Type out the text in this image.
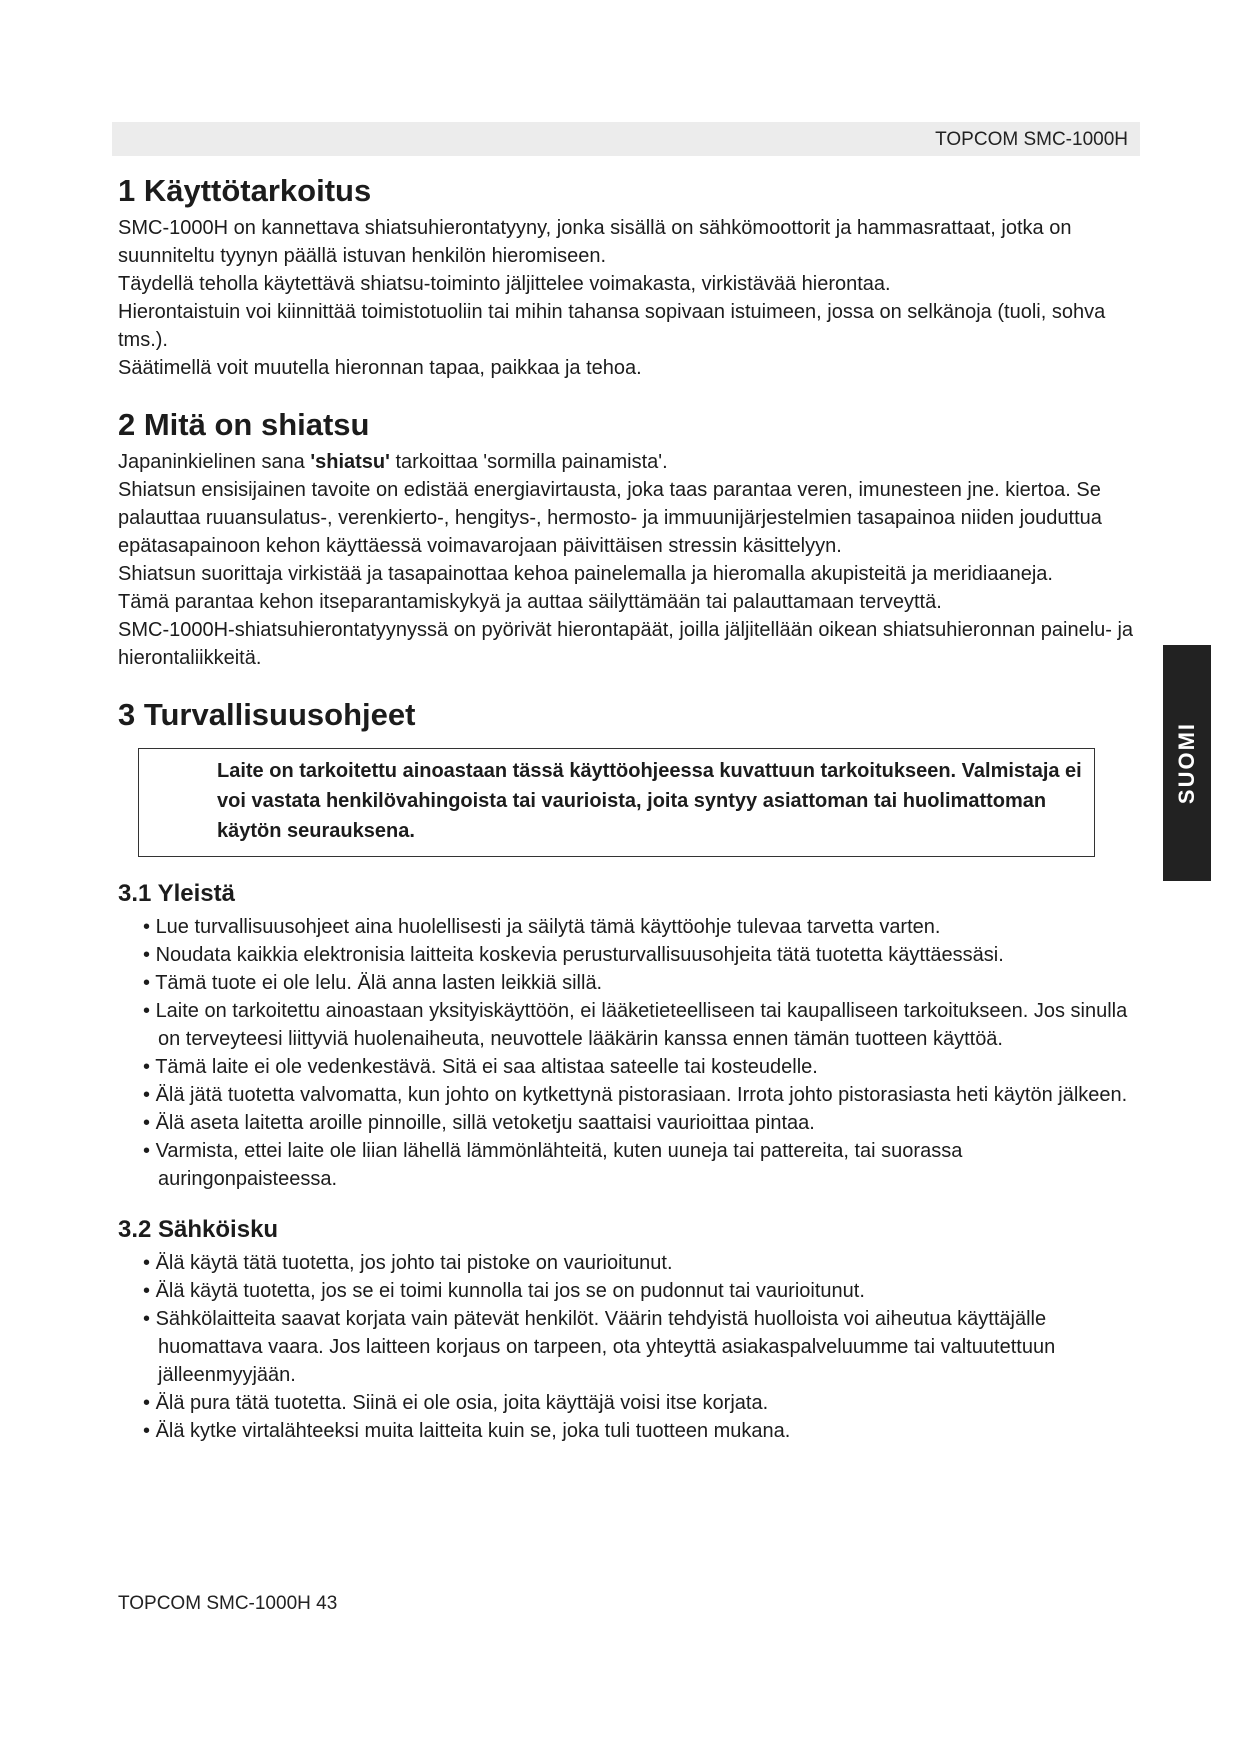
TOPCOM SMC-1000H
1 Käyttötarkoitus

SMC-1000H on kannettava shiatsuhierontatyyny, jonka sisällä on sähkömoottorit ja hammasrattaat, jotka on suunniteltu tyynyn päällä istuvan henkilön hieromiseen.

Täydellä teholla käytettävä shiatsu-toiminto jäljittelee voimakasta, virkistävää hierontaa.

Hierontaistuin voi kiinnittää toimistotuoliin tai mihin tahansa sopivaan istuimeen, jossa on selkänoja (tuoli, sohva tms.).

Säätimellä voit muutella hieronnan tapaa, paikkaa ja tehoa.

2 Mitä on shiatsu

Japaninkielinen sana 'shiatsu' tarkoittaa 'sormilla painamista'.

Shiatsun ensisijainen tavoite on edistää energiavirtausta, joka taas parantaa veren, imunesteen jne. kiertoa. Se palauttaa ruuansulatus-, verenkierto-, hengitys-, hermosto- ja immuunijärjestelmien tasapainoa niiden jouduttua epätasapainoon kehon käyttäessä voimavarojaan päivittäisen stressin käsittelyyn.

Shiatsun suorittaja virkistää ja tasapainottaa kehoa painelemalla ja hieromalla akupisteitä ja meridiaaneja.

Tämä parantaa kehon itseparantamiskykyä ja auttaa säilyttämään tai palauttamaan terveyttä.

SMC-1000H-shiatsuhierontatyynyssä on pyörivät hierontapäät, joilla jäljitellään oikean shiatsuhieronnan painelu- ja hierontaliikkeitä.

3 Turvallisuusohjeet

Laite on tarkoitettu ainoastaan tässä käyttöohjeessa kuvattuun tarkoitukseen. Valmistaja ei voi vastata henkilövahingoista tai vaurioista, joita syntyy asiattoman tai huolimattoman käytön seurauksena.

3.1 Yleistä
• Lue turvallisuusohjeet aina huolellisesti ja säilytä tämä käyttöohje tulevaa tarvetta varten.
• Noudata kaikkia elektronisia laitteita koskevia perusturvallisuusohjeita tätä tuotetta käyttäessäsi.
• Tämä tuote ei ole lelu. Älä anna lasten leikkiä sillä.
• Laite on tarkoitettu ainoastaan yksityiskäyttöön, ei lääketieteelliseen tai kaupalliseen tarkoitukseen. Jos sinulla on terveyteesi liittyviä huolenaiheuta, neuvottele lääkärin kanssa ennen tämän tuotteen käyttöä.
• Tämä laite ei ole vedenkestävä. Sitä ei saa altistaa sateelle tai kosteudelle.
• Älä jätä tuotetta valvomatta, kun johto on kytkettynä pistorasiaan. Irrota johto pistorasiasta heti käytön jälkeen.
• Älä aseta laitetta aroille pinnoille, sillä vetoketju saattaisi vaurioittaa pintaa.
• Varmista, ettei laite ole liian lähellä lämmönlähteitä, kuten uuneja tai pattereita, tai suorassa auringonpaisteessa.
3.2 Sähköisku
• Älä käytä tätä tuotetta, jos johto tai pistoke on vaurioitunut.
• Älä käytä tuotetta, jos se ei toimi kunnolla tai jos se on pudonnut tai vaurioitunut.
• Sähkölaitteita saavat korjata vain pätevät henkilöt. Väärin tehdyistä huolloista voi aiheutua käyttäjälle huomattava vaara. Jos laitteen korjaus on tarpeen, ota yhteyttä asiakaspalveluumme tai valtuutettuun jälleenmyyjään.
• Älä pura tätä tuotetta. Siinä ei ole osia, joita käyttäjä voisi itse korjata.
• Älä kytke virtalähteeksi muita laitteita kuin se, joka tuli tuotteen mukana.
SUOMI
TOPCOM SMC-1000H 43
